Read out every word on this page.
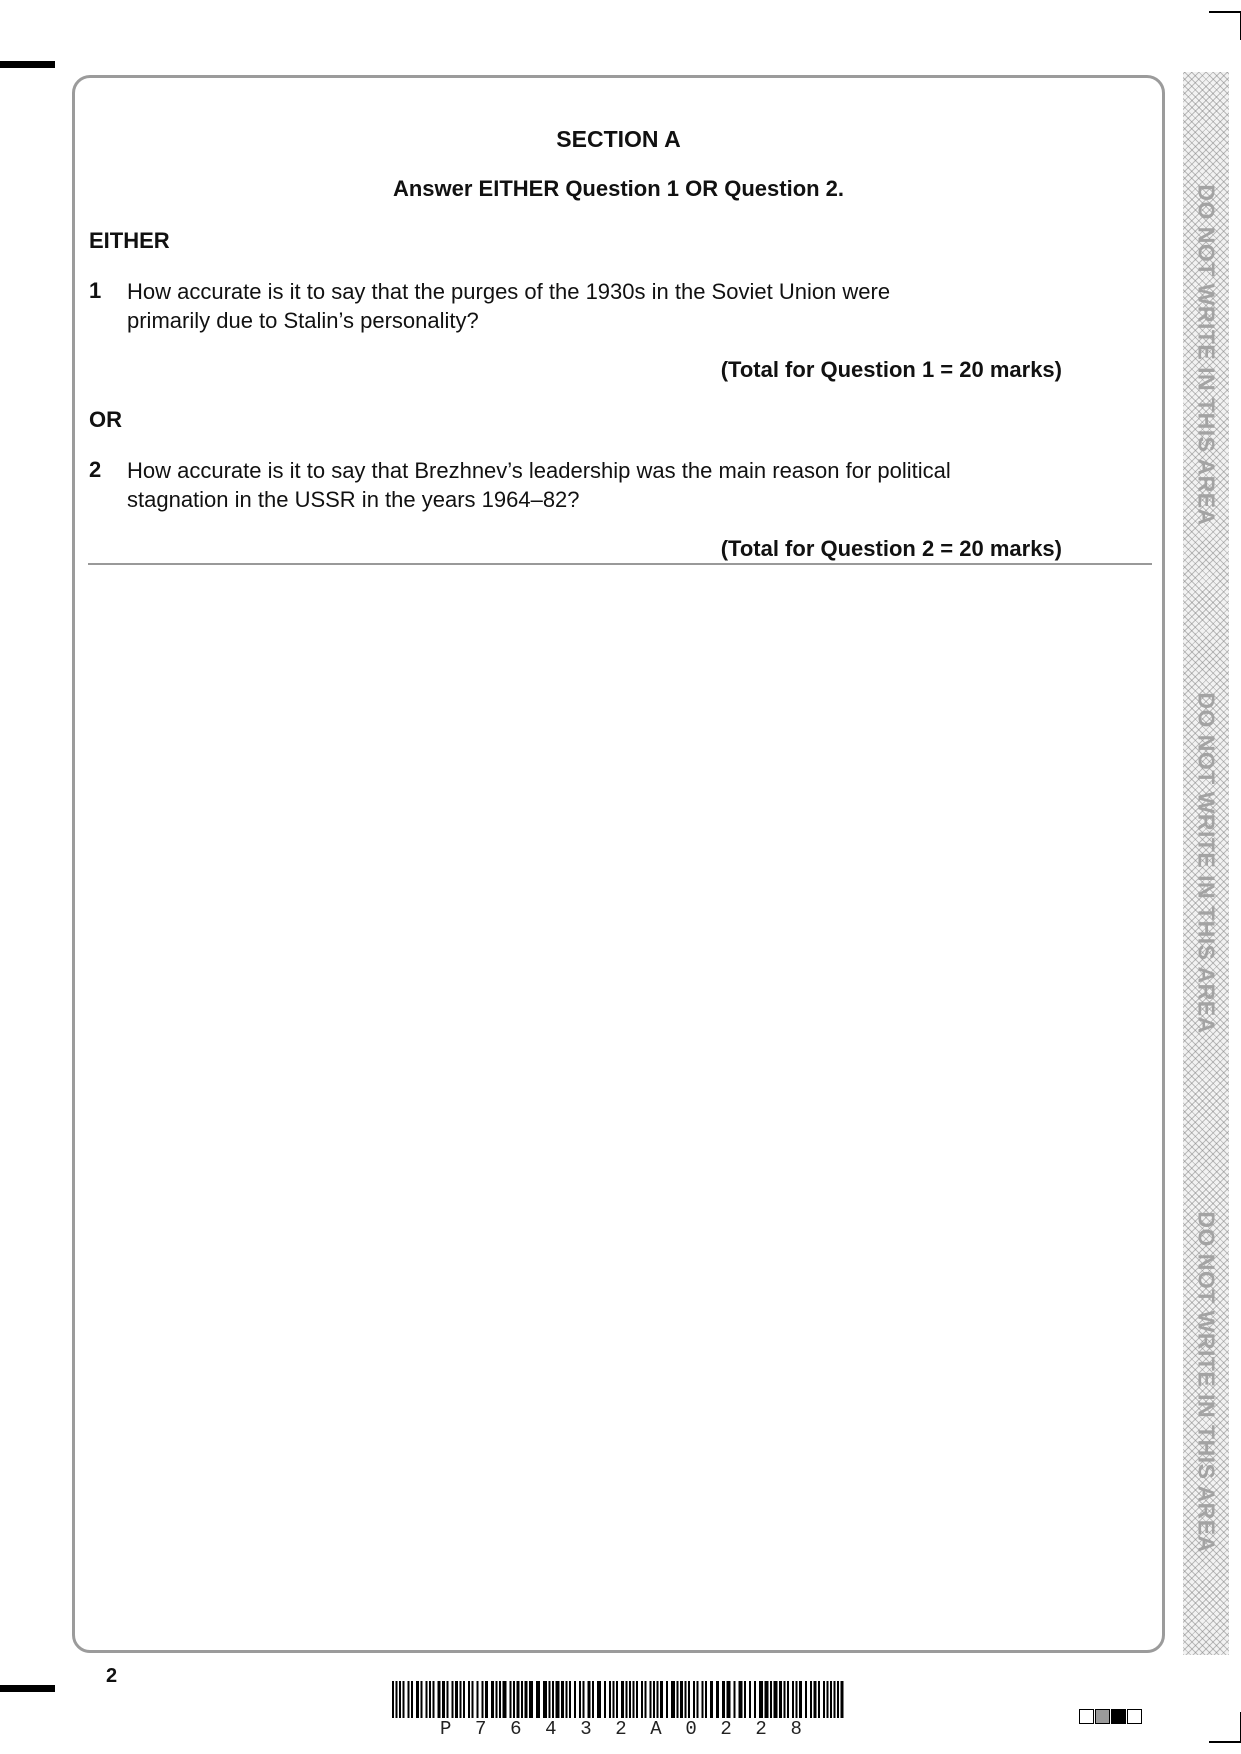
SECTION A
Answer EITHER Question 1 OR Question 2.
EITHER
1 How accurate is it to say that the purges of the 1930s in the Soviet Union were
primarily due to Stalin’s personality?
(Total for Question 1 = 20 marks)
OR
2 How accurate is it to say that Brezhnev’s leadership was the main reason for political
stagnation in the USSR in the years 1964–82?
(Total for Question 2 = 20 marks)
DO NOT WRITE IN THIS AREA
DO NOT WRITE IN THIS AREA
DO NOT WRITE IN THIS AREA
2
P 7 6 4 3 2 A 0 2 2 8
